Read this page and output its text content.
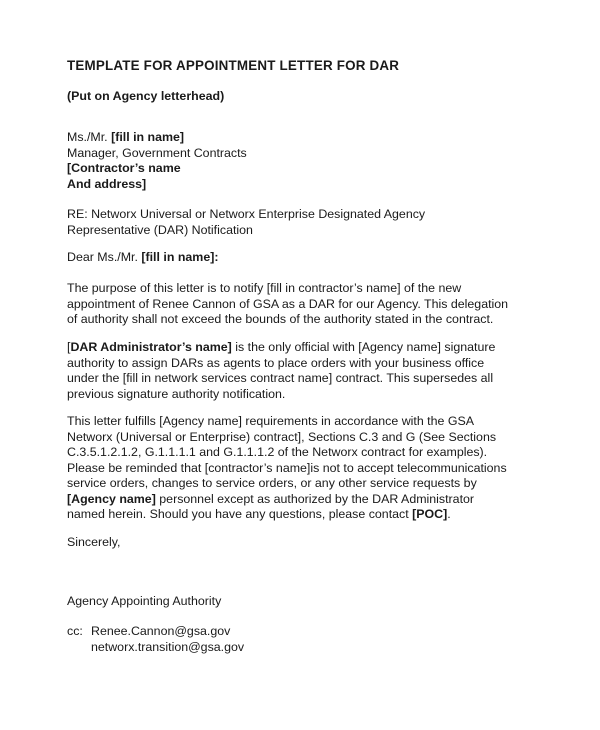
TEMPLATE FOR APPOINTMENT LETTER FOR DAR
(Put on Agency letterhead)
Ms./Mr. [fill in name]
Manager, Government Contracts
[Contractor’s name
And address]
RE: Networx Universal or Networx Enterprise Designated Agency
Representative (DAR) Notification
Dear Ms./Mr. [fill in name]:
The purpose of this letter is to notify [fill in contractor’s name] of the new
appointment of Renee Cannon of GSA as a DAR for our Agency. This delegation
of authority shall not exceed the bounds of the authority stated in the contract.
[DAR Administrator’s name] is the only official with [Agency name] signature
authority to assign DARs as agents to place orders with your business office
under the [fill in network services contract name] contract. This supersedes all
previous signature authority notification.
This letter fulfills [Agency name] requirements in accordance with the GSA
Networx (Universal or Enterprise) contract], Sections C.3 and G (See Sections
C.3.5.1.2.1.2, G.1.1.1.1 and G.1.1.1.2 of the Networx contract for examples).
Please be reminded that [contractor’s name]is not to accept telecommunications
service orders, changes to service orders, or any other service requests by
[Agency name] personnel except as authorized by the DAR Administrator
named herein. Should you have any questions, please contact [POC].
Sincerely,
Agency Appointing Authority
cc: Renee.Cannon@gsa.gov
networx.transition@gsa.gov
